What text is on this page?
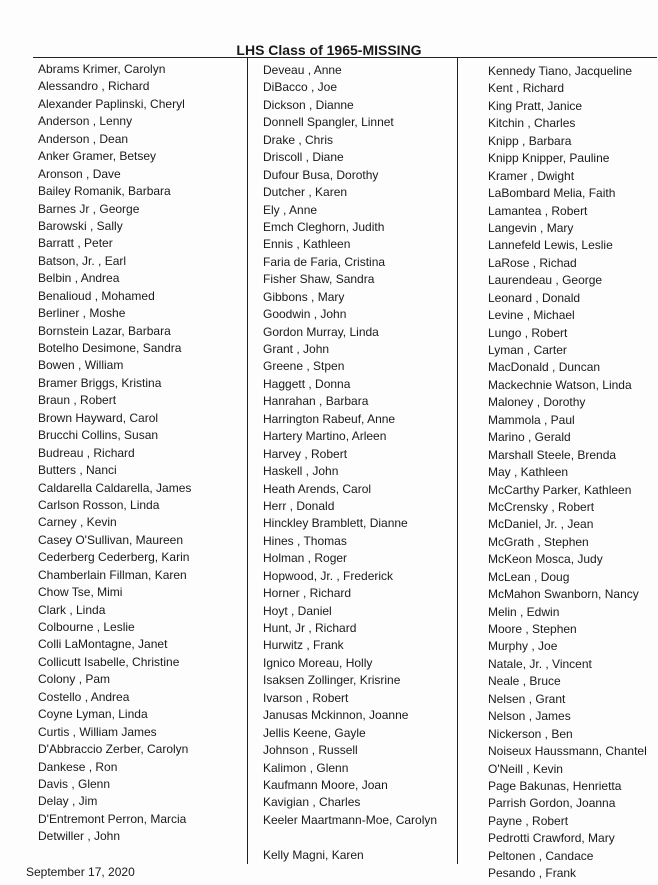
LHS Class of 1965-MISSING
Abrams Krimer, Carolyn
Alessandro , Richard
Alexander Paplinski, Cheryl
Anderson , Lenny
Anderson , Dean
Anker Gramer, Betsey
Aronson , Dave
Bailey Romanik, Barbara
Barnes Jr , George
Barowski , Sally
Barratt , Peter
Batson, Jr. , Earl
Belbin , Andrea
Benalioud , Mohamed
Berliner , Moshe
Bornstein Lazar, Barbara
Botelho Desimone, Sandra
Bowen , William
Bramer Briggs, Kristina
Braun , Robert
Brown Hayward, Carol
Brucchi Collins, Susan
Budreau , Richard
Butters , Nanci
Caldarella Caldarella, James
Carlson Rosson, Linda
Carney , Kevin
Casey O'Sullivan, Maureen
Cederberg Cederberg, Karin
Chamberlain Fillman, Karen
Chow Tse, Mimi
Clark , Linda
Colbourne , Leslie
Colli LaMontagne, Janet
Collicutt Isabelle, Christine
Colony , Pam
Costello , Andrea
Coyne Lyman, Linda
Curtis , William James
D'Abbraccio Zerber, Carolyn
Dankese , Ron
Davis , Glenn
Delay , Jim
D'Entremont Perron, Marcia
Detwiller , John
Deveau , Anne
DiBacco , Joe
Dickson , Dianne
Donnell Spangler, Linnet
Drake , Chris
Driscoll , Diane
Dufour Busa, Dorothy
Dutcher , Karen
Ely , Anne
Emch Cleghorn, Judith
Ennis , Kathleen
Faria de Faria, Cristina
Fisher Shaw, Sandra
Gibbons , Mary
Goodwin , John
Gordon Murray, Linda
Grant , John
Greene , Stpen
Haggett , Donna
Hanrahan , Barbara
Harrington Rabeuf, Anne
Hartery Martino, Arleen
Harvey , Robert
Haskell , John
Heath Arends, Carol
Herr , Donald
Hinckley Bramblett, Dianne
Hines , Thomas
Holman , Roger
Hopwood, Jr. , Frederick
Horner , Richard
Hoyt , Daniel
Hunt, Jr , Richard
Hurwitz , Frank
Ignico Moreau, Holly
Isaksen Zollinger, Krisrine
Ivarson , Robert
Janusas Mckinnon, Joanne
Jellis Keene, Gayle
Johnson , Russell
Kalimon , Glenn
Kaufmann Moore, Joan
Kavigian , Charles
Keeler Maartmann-Moe, Carolyn
Kelly Magni, Karen
Kennedy Tiano, Jacqueline
Kent , Richard
King Pratt, Janice
Kitchin , Charles
Knipp , Barbara
Knipp Knipper, Pauline
Kramer , Dwight
LaBombard Melia, Faith
Lamantea , Robert
Langevin , Mary
Lannefeld Lewis, Leslie
LaRose , Richad
Laurendeau , George
Leonard , Donald
Levine , Michael
Lungo , Robert
Lyman , Carter
MacDonald , Duncan
Mackechnie Watson, Linda
Maloney , Dorothy
Mammola , Paul
Marino , Gerald
Marshall Steele, Brenda
May , Kathleen
McCarthy Parker, Kathleen
McCrensky , Robert
McDaniel, Jr. , Jean
McGrath , Stephen
McKeon Mosca, Judy
McLean , Doug
McMahon Swanborn, Nancy
Melin , Edwin
Moore , Stephen
Murphy , Joe
Natale, Jr. , Vincent
Neale , Bruce
Nelsen , Grant
Nelson , James
Nickerson , Ben
Noiseux Haussmann, Chantel
O'Neill , Kevin
Page Bakunas, Henrietta
Parrish Gordon, Joanna
Payne , Robert
Pedrotti Crawford, Mary
Peltonen , Candace
Pesando , Frank
September 17, 2020
